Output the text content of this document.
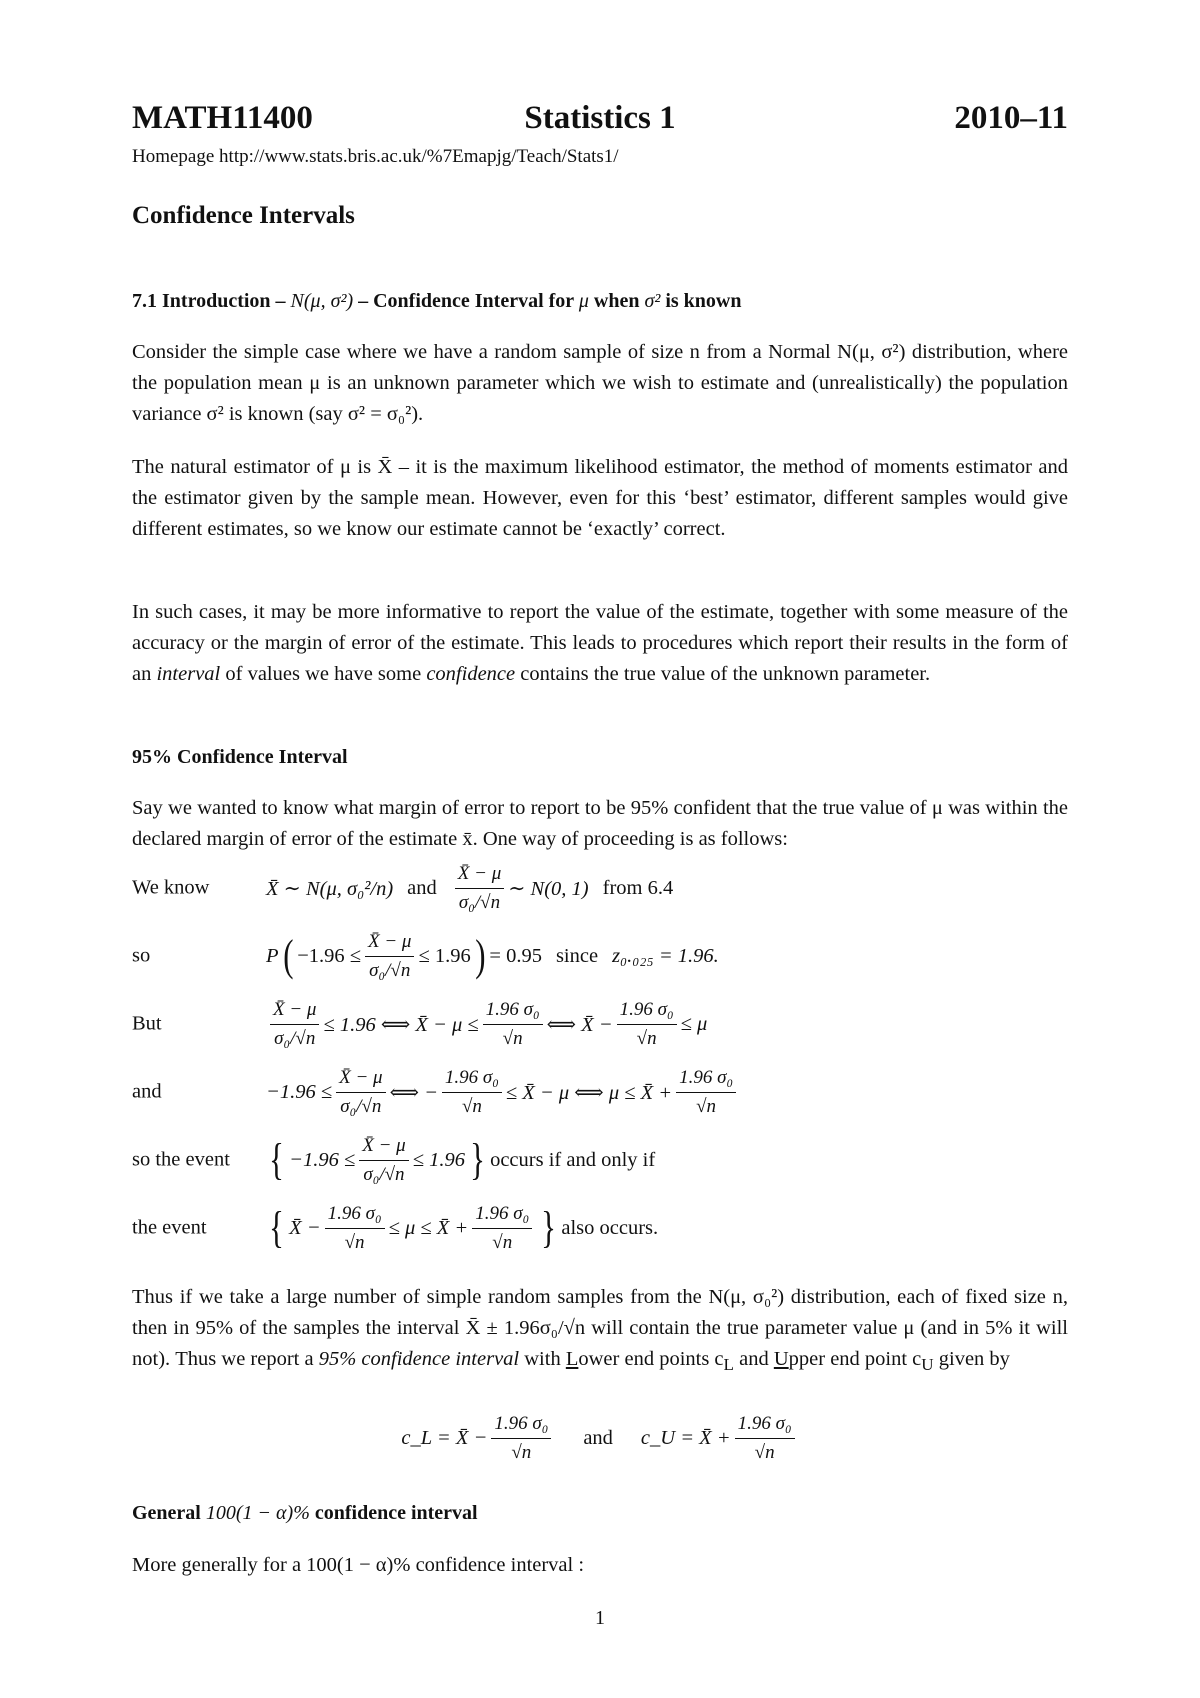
Statistics 1
MATH11400	2010–11
Homepage http://www.stats.bris.ac.uk/%7Emapjg/Teach/Stats1/
Confidence Intervals
7.1 Introduction – N(μ, σ²) – Confidence Interval for μ when σ² is known
Consider the simple case where we have a random sample of size n from a Normal N(μ, σ²) distribution, where the population mean μ is an unknown parameter which we wish to estimate and (unrealistically) the population variance σ² is known (say σ² = σ₀²).
The natural estimator of μ is X̄ – it is the maximum likelihood estimator, the method of moments estimator and the estimator given by the sample mean. However, even for this ‘best’ estimator, different samples would give different estimates, so we know our estimate cannot be ‘exactly’ correct.
In such cases, it may be more informative to report the value of the estimate, together with some measure of the accuracy or the margin of error of the estimate. This leads to procedures which report their results in the form of an interval of values we have some confidence contains the true value of the unknown parameter.
95% Confidence Interval
Say we wanted to know what margin of error to report to be 95% confident that the true value of μ was within the declared margin of error of the estimate x̄. One way of proceeding is as follows:
We know	X̄ ∼ N(μ, σ₀²/n) and $\frac{X̄ - \mu}{\text{σ₀/√n}}$ ∼ N(0, 1) from 6.4
so	P ( $-1.96 \le \frac{X̄ - \mu}{\text{σ₀/√n}} \le 1.96$ ) = 0.95 since z₀.₀₂₅ = 1.96.
But	$\frac{X̄ - \mu}{\text{σ₀/√n}} \le 1.96$ ⟺ X̄ − $\mu \le \frac{\text{1.96 σ₀}}{√n}$ ⟺ X̄ − $\frac{\text{1.96 σ₀}}{√n} \le \mu$
and	$-1.96 \le \frac{X̄ - \mu}{\text{σ₀/√n}}$ ⟺ − $\frac{\text{1.96 σ₀}}{√n}$ ≤ X̄ − μ ⟺ μ ≤ X̄ + $\frac{\text{1.96 σ₀}}{√n}$
so the event { $-1.96 \le \frac{X̄ - \mu}{\text{σ₀/√n}} \le 1.96$ } occurs if and only if
the event { X̄ − $\frac{\text{1.96 σ₀}}{√n} \le \mu$ ≤ X̄ + $\frac{\text{1.96 σ₀}}{√n}$ } also occurs.
Thus if we take a large number of simple random samples from the N(μ, σ₀²) distribution, each of fixed size n, then in 95% of the samples the interval X̄ ± 1.96σ₀/√n will contain the true parameter value μ (and in 5% it will not). Thus we report a 95% confidence interval with Lower end points $c_L$ and Upper end point $c_U$ given by
c_L = X̄ − $\frac{\text{1.96 σ₀}}{√n}$ and c_U = X̄ + $\frac{\text{1.96 σ₀}}{√n}$
General 100(1 − α)% confidence interval
More generally for a 100(1 − α)% confidence interval :
1
